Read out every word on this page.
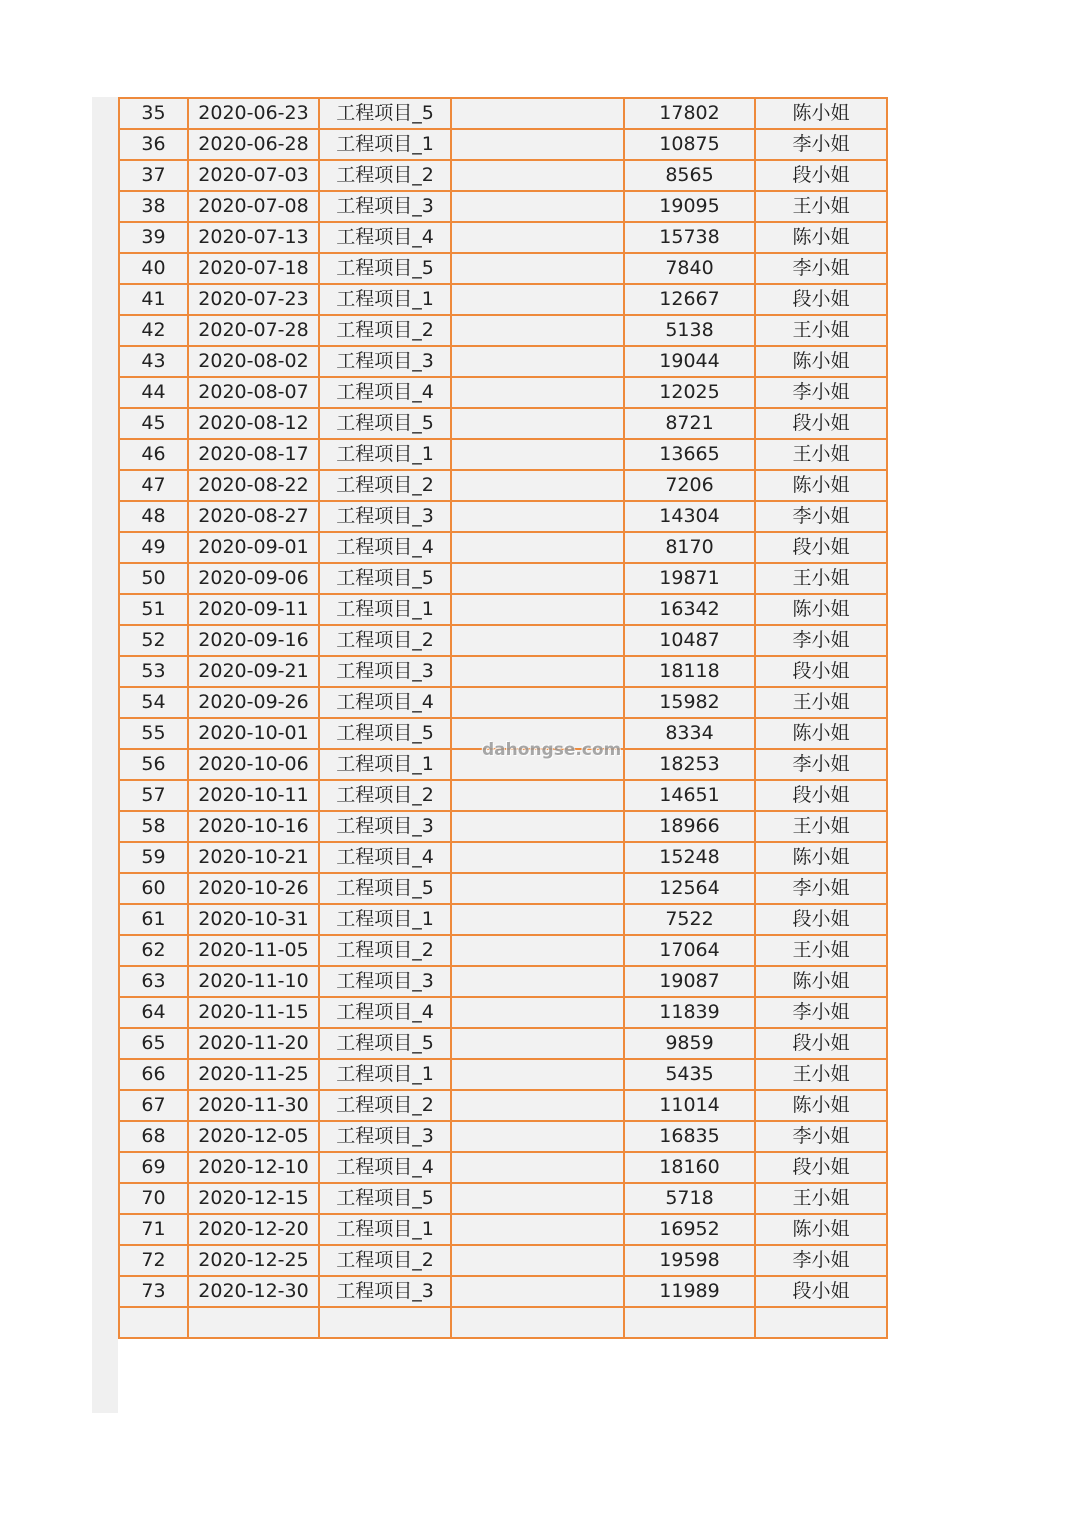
35	2020-06-23	工程项目_5		17802	陈小姐
36	2020-06-28	工程项目_1		10875	李小姐
37	2020-07-03	工程项目_2		8565	段小姐
38	2020-07-08	工程项目_3		19095	王小姐
39	2020-07-13	工程项目_4		15738	陈小姐
40	2020-07-18	工程项目_5		7840	李小姐
41	2020-07-23	工程项目_1		12667	段小姐
42	2020-07-28	工程项目_2		5138	王小姐
43	2020-08-02	工程项目_3		19044	陈小姐
44	2020-08-07	工程项目_4		12025	李小姐
45	2020-08-12	工程项目_5		8721	段小姐
46	2020-08-17	工程项目_1		13665	王小姐
47	2020-08-22	工程项目_2		7206	陈小姐
48	2020-08-27	工程项目_3		14304	李小姐
49	2020-09-01	工程项目_4		8170	段小姐
50	2020-09-06	工程项目_5		19871	王小姐
51	2020-09-11	工程项目_1		16342	陈小姐
52	2020-09-16	工程项目_2		10487	李小姐
53	2020-09-21	工程项目_3		18118	段小姐
54	2020-09-26	工程项目_4		15982	王小姐
55	2020-10-01	工程项目_5		8334	陈小姐
56	2020-10-06	工程项目_1		18253	李小姐
57	2020-10-11	工程项目_2		14651	段小姐
58	2020-10-16	工程项目_3		18966	王小姐
59	2020-10-21	工程项目_4		15248	陈小姐
60	2020-10-26	工程项目_5		12564	李小姐
61	2020-10-31	工程项目_1		7522	段小姐
62	2020-11-05	工程项目_2		17064	王小姐
63	2020-11-10	工程项目_3		19087	陈小姐
64	2020-11-15	工程项目_4		11839	李小姐
65	2020-11-20	工程项目_5		9859	段小姐
66	2020-11-25	工程项目_1		5435	王小姐
67	2020-11-30	工程项目_2		11014	陈小姐
68	2020-12-05	工程项目_3		16835	李小姐
69	2020-12-10	工程项目_4		18160	段小姐
70	2020-12-15	工程项目_5		5718	王小姐
71	2020-12-20	工程项目_1		16952	陈小姐
72	2020-12-25	工程项目_2		19598	李小姐
73	2020-12-30	工程项目_3		11989	段小姐

dahongse.com
